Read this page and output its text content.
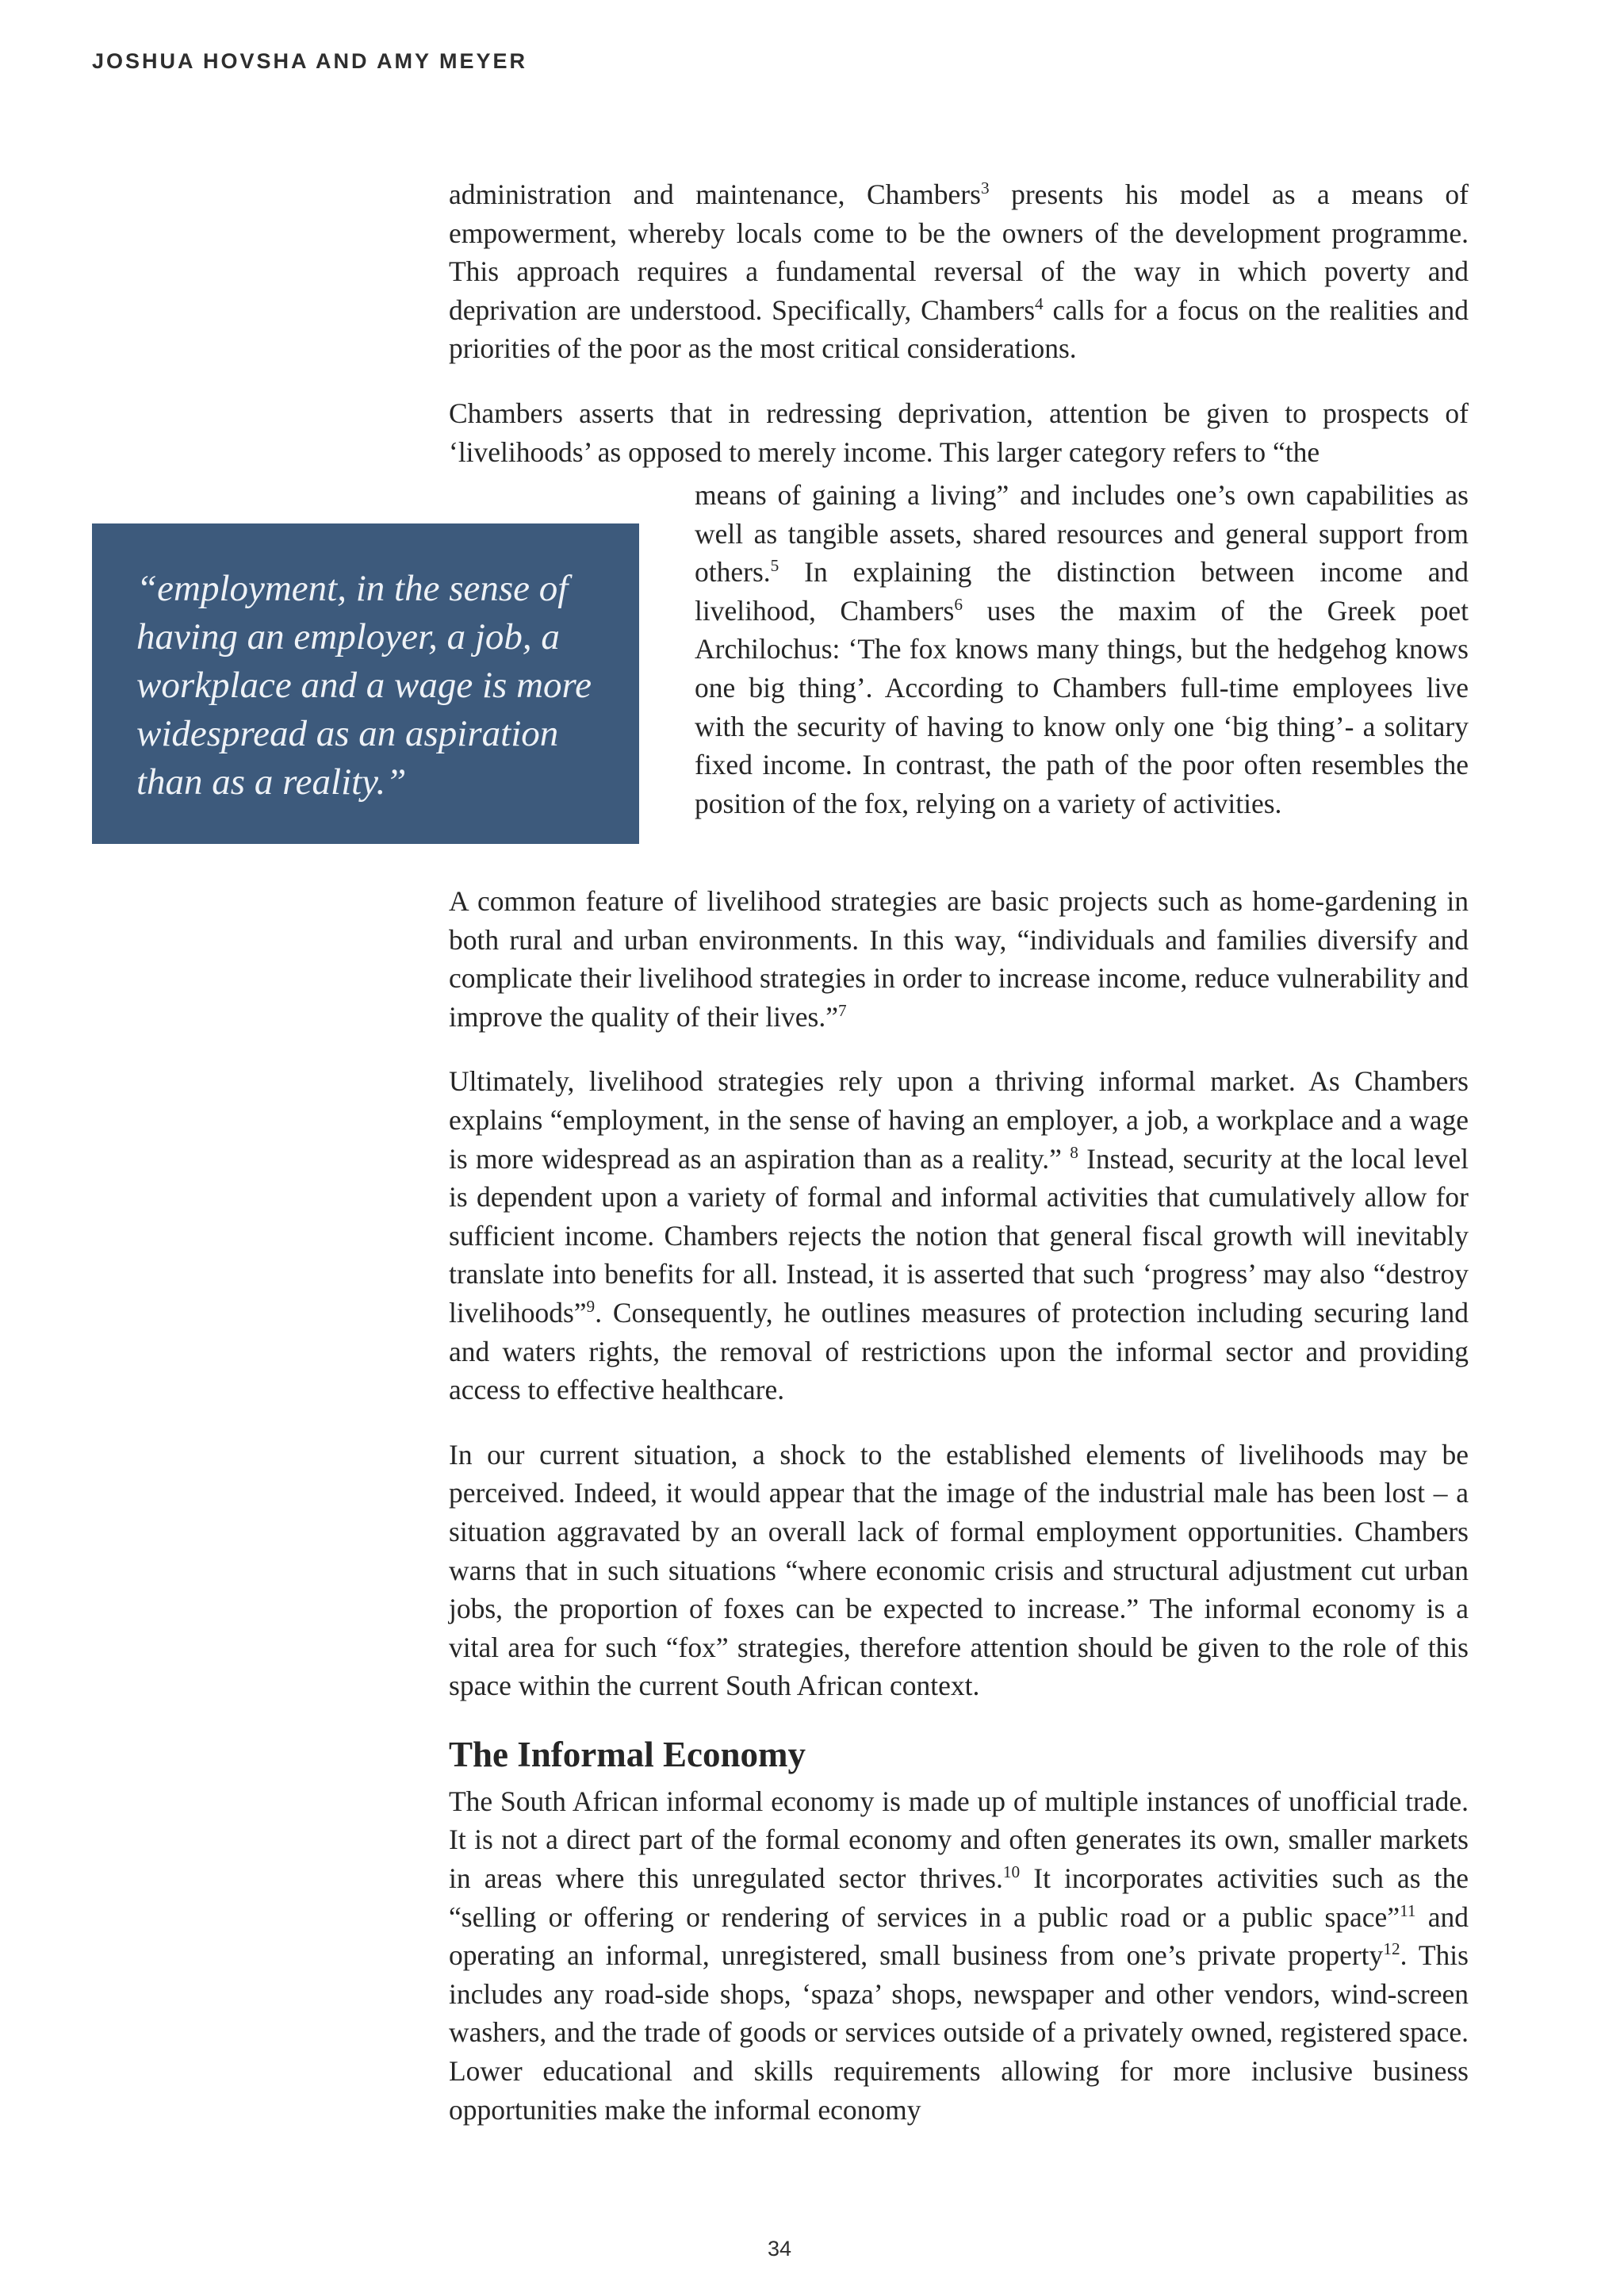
JOSHUA HOVSHA AND AMY MEYER

administration and maintenance, Chambers$^3$ presents his model as a means of empowerment, whereby locals come to be the owners of the development programme. This approach requires a fundamental reversal of the way in which poverty and deprivation are understood. Specifically, Chambers$^4$ calls for a focus on the realities and priorities of the poor as the most critical considerations.

Chambers asserts that in redressing deprivation, attention be given to prospects of ‘livelihoods’ as opposed to merely income. This larger category refers to “the

“employment, in the sense of having an employer, a job, a workplace and a wage is more widespread as an aspiration than as a reality.”

means of gaining a living” and includes one’s own capabilities as well as tangible assets, shared resources and general support from others.$^5$ In explaining the distinction between income and livelihood, Chambers$^6$ uses the maxim of the Greek poet Archilochus: ‘The fox knows many things, but the hedgehog knows one big thing’. According to Chambers full-time employees live with the security of having to know only one ‘big thing’- a solitary fixed income. In contrast, the path of the poor often resembles the position of the fox, relying on a variety of activities.

A common feature of livelihood strategies are basic projects such as home-gardening in both rural and urban environments. In this way, “individuals and families diversify and complicate their livelihood strategies in order to increase income, reduce vulnerability and improve the quality of their lives.”$^7$

Ultimately, livelihood strategies rely upon a thriving informal market. As Chambers explains “employment, in the sense of having an employer, a job, a workplace and a wage is more widespread as an aspiration than as a reality.” $^8$ Instead, security at the local level is dependent upon a variety of formal and informal activities that cumulatively allow for sufficient income. Chambers rejects the notion that general fiscal growth will inevitably translate into benefits for all. Instead, it is asserted that such ‘progress’ may also “destroy livelihoods”$^9$. Consequently, he outlines measures of protection including securing land and waters rights, the removal of restrictions upon the informal sector and providing access to effective healthcare.

In our current situation, a shock to the established elements of livelihoods may be perceived. Indeed, it would appear that the image of the industrial male has been lost – a situation aggravated by an overall lack of formal employment opportunities. Chambers warns that in such situations “where economic crisis and structural adjustment cut urban jobs, the proportion of foxes can be expected to increase.” The informal economy is a vital area for such “fox” strategies, therefore attention should be given to the role of this space within the current South African context.

The Informal Economy

The South African informal economy is made up of multiple instances of unofficial trade. It is not a direct part of the formal economy and often generates its own, smaller markets in areas where this unregulated sector thrives.$^{10}$ It incorporates activities such as the “selling or offering or rendering of services in a public road or a public space”$^{11}$ and operating an informal, unregistered, small business from one’s private property$^{12}$. This includes any road-side shops, ‘spaza’ shops, newspaper and other vendors, wind-screen washers, and the trade of goods or services outside of a privately owned, registered space. Lower educational and skills requirements allowing for more inclusive business opportunities make the informal economy

34
